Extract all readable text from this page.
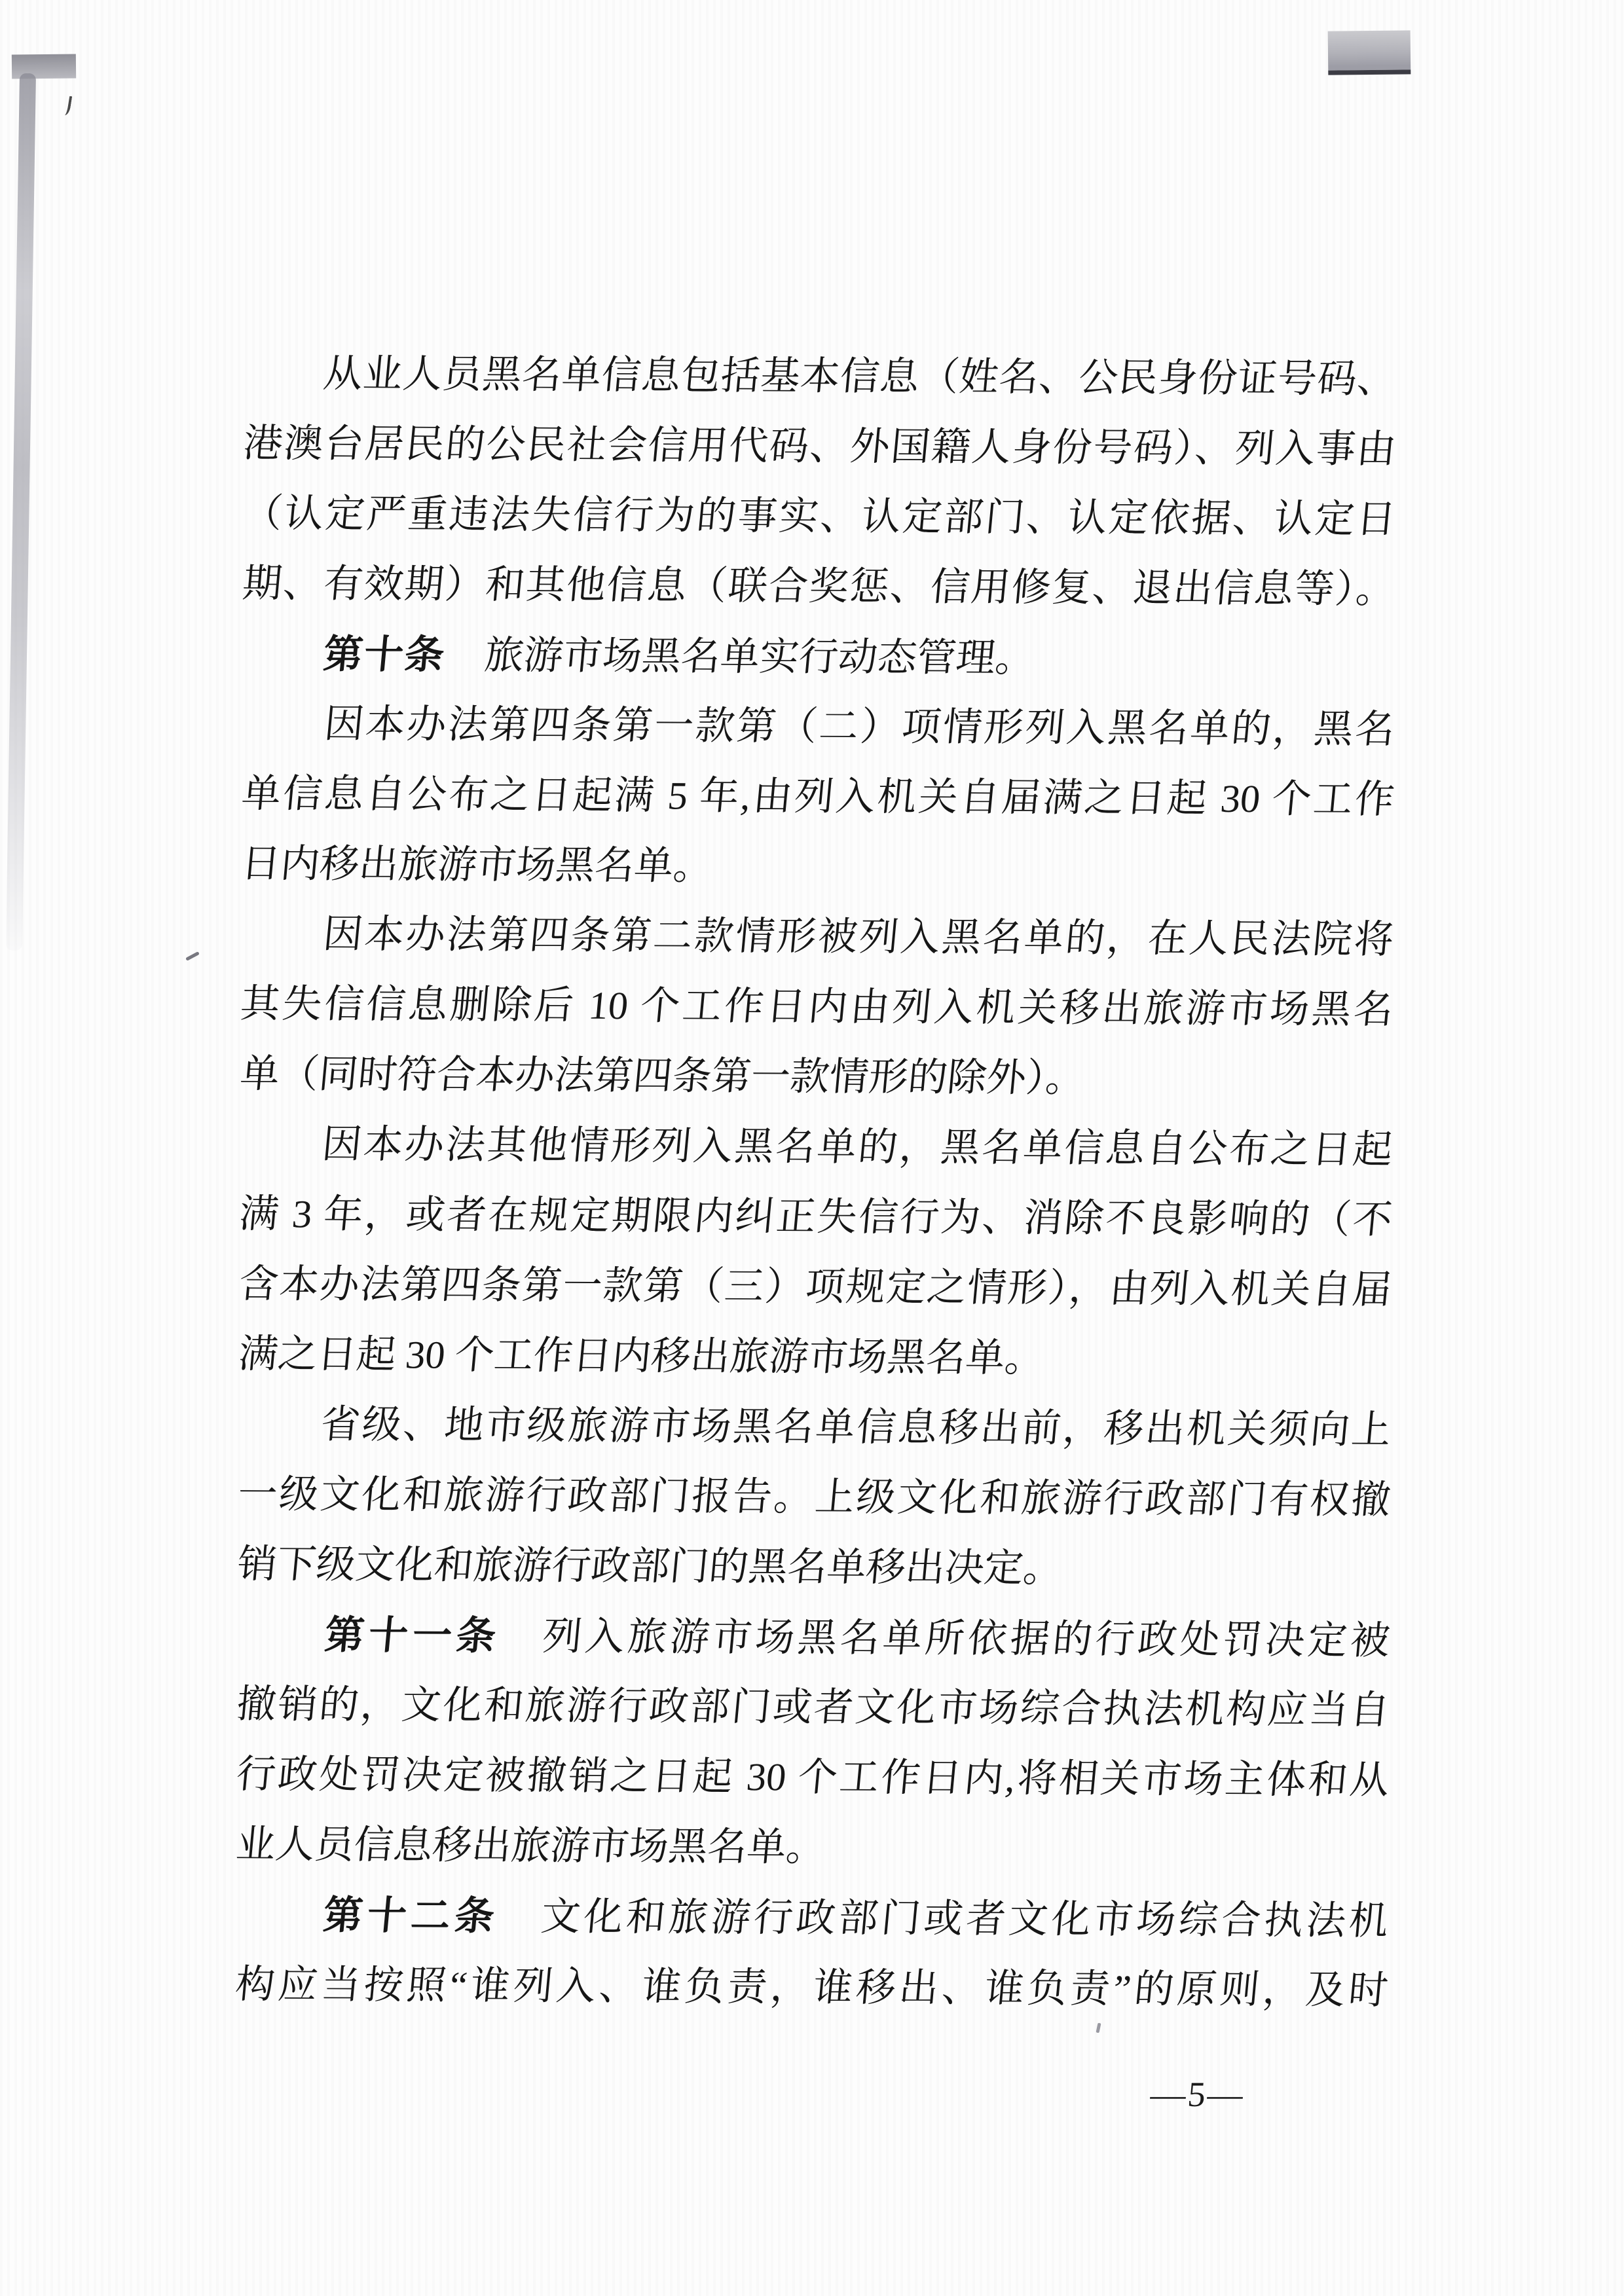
　　从业人员黑名单信息包括基本信息（姓名、公民身份证号码、
港澳台居民的公民社会信用代码、外国籍人身份号码）、列入事由
（认定严重违法失信行为的事实、认定部门、认定依据、认定日
期、有效期）和其他信息（联合奖惩、信用修复、退出信息等）。
　　第十条　旅游市场黑名单实行动态管理。
　　因本办法第四条第一款第（二）项情形列入黑名单的，黑名
单信息自公布之日起满 5 年,由列入机关自届满之日起 30 个工作
日内移出旅游市场黑名单。
　　因本办法第四条第二款情形被列入黑名单的，在人民法院将
其失信信息删除后 10 个工作日内由列入机关移出旅游市场黑名
单（同时符合本办法第四条第一款情形的除外）。
　　因本办法其他情形列入黑名单的，黑名单信息自公布之日起
满 3 年，或者在规定期限内纠正失信行为、消除不良影响的（不
含本办法第四条第一款第（三）项规定之情形），由列入机关自届
满之日起 30 个工作日内移出旅游市场黑名单。
　　省级、地市级旅游市场黑名单信息移出前，移出机关须向上
一级文化和旅游行政部门报告。上级文化和旅游行政部门有权撤
销下级文化和旅游行政部门的黑名单移出决定。
　　第十一条　列入旅游市场黑名单所依据的行政处罚决定被
撤销的，文化和旅游行政部门或者文化市场综合执法机构应当自
行政处罚决定被撤销之日起 30 个工作日内,将相关市场主体和从
业人员信息移出旅游市场黑名单。
　　第十二条　文化和旅游行政部门或者文化市场综合执法机
构应当按照“谁列入、谁负责，谁移出、谁负责”的原则，及时
—5—
